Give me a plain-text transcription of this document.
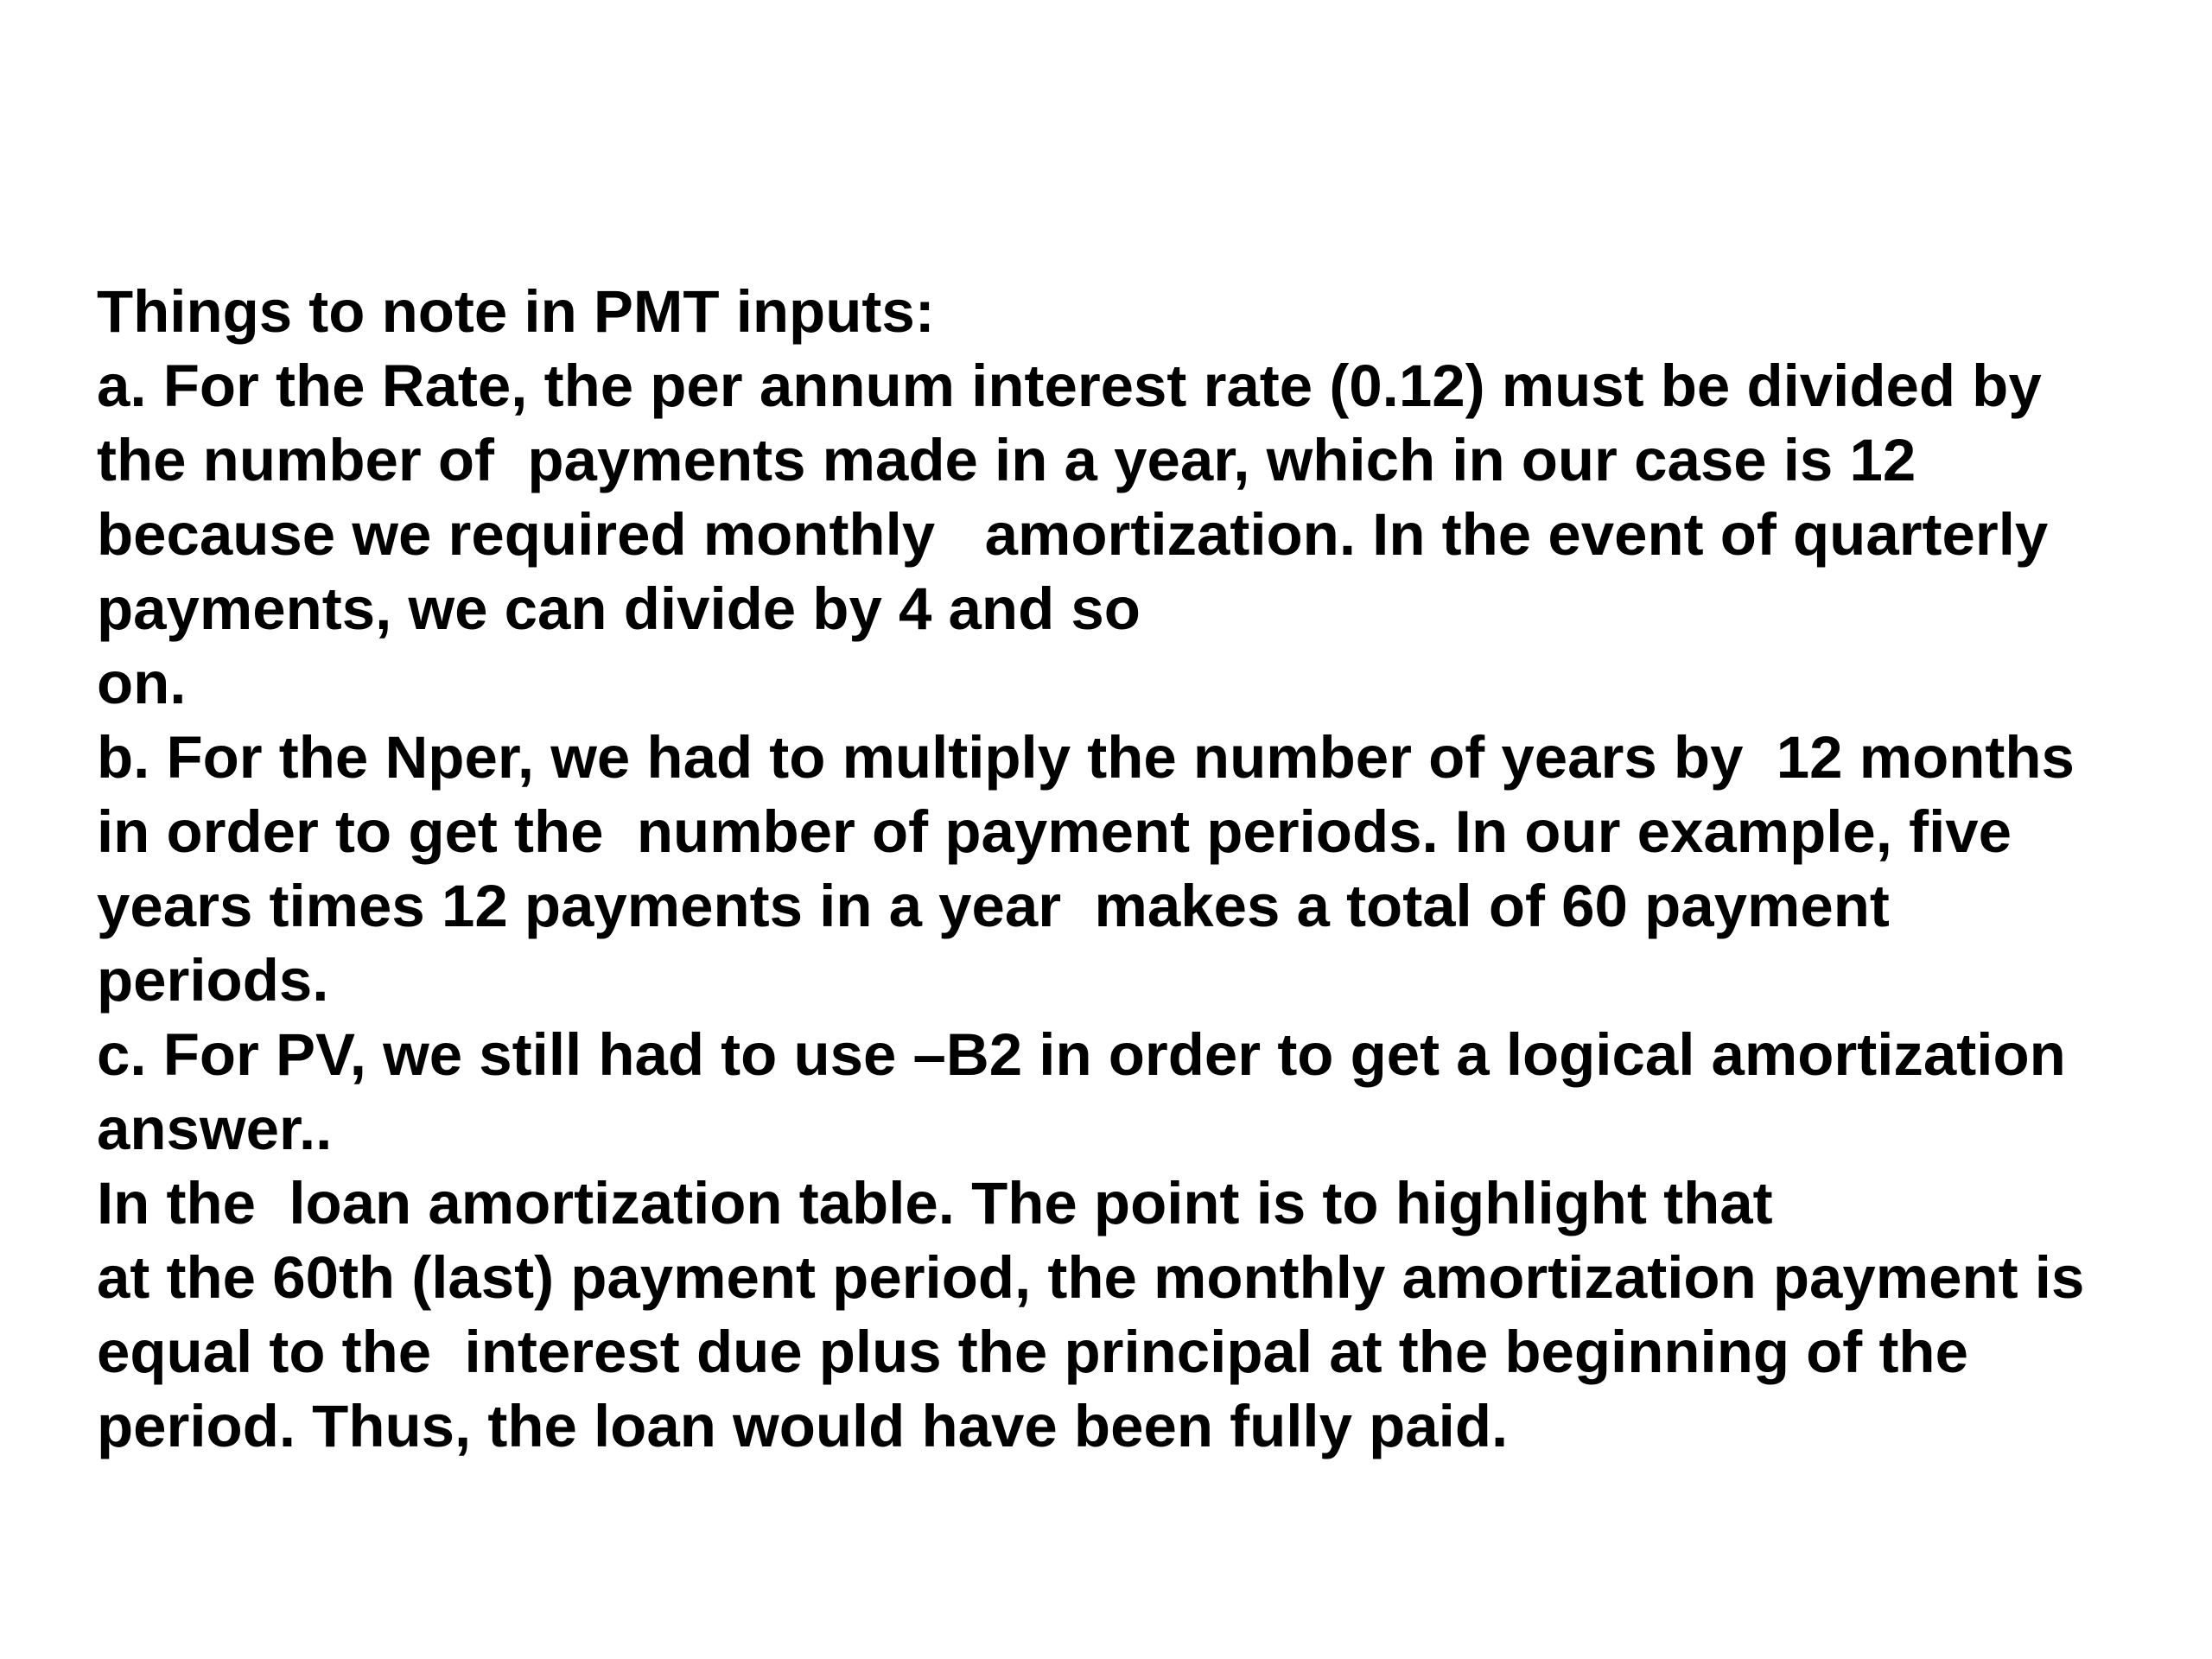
Things to note in PMT inputs:
a. For the Rate, the per annum interest rate (0.12) must be divided by
the number of  payments made in a year, which in our case is 12
because we required monthly   amortization. In the event of quarterly
payments, we can divide by 4 and so
on.
b. For the Nper, we had to multiply the number of years by  12 months
in order to get the  number of payment periods. In our example, five
years times 12 payments in a year  makes a total of 60 payment
periods.
c. For PV, we still had to use –B2 in order to get a logical amortization
answer..
In the  loan amortization table. The point is to highlight that
at the 60th (last) payment period, the monthly amortization payment is
equal to the  interest due plus the principal at the beginning of the
period. Thus, the loan would have been fully paid.
